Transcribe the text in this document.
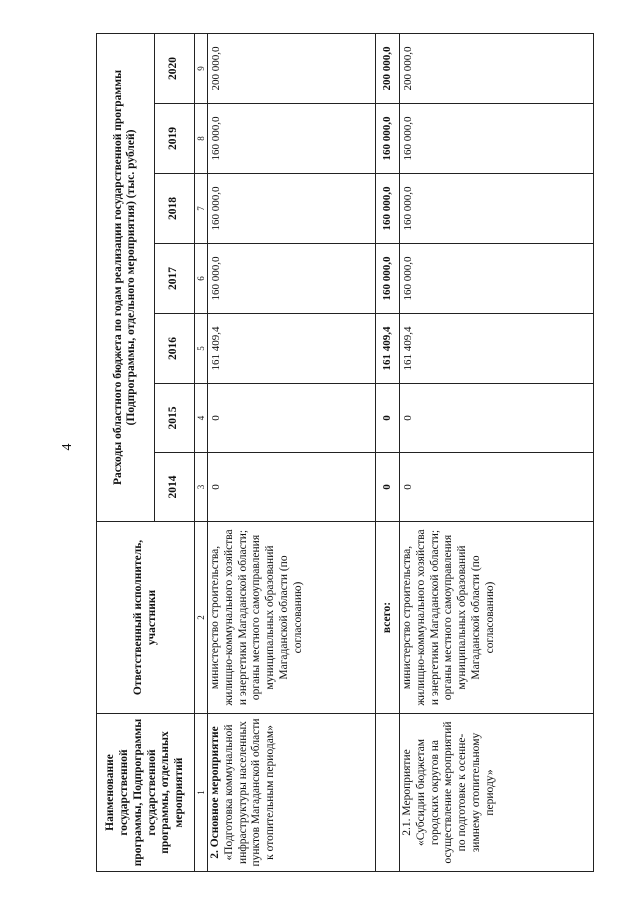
4
Наименование государственной программы, Подпрограммы государственной программы, отдельных мероприятий	Ответственный исполнитель, участники	Расходы областного бюджета по годам реализации государственной программы (Подпрограммы, отдельного мероприятия) (тыс. рублей)						
		2014	2015	2016	2017	2018	2019	2020
1	2	3	4	5	6	7	8	9

2. Основное мероприятие «Подготовка коммунальной инфраструктуры населенных пунктов Магаданской области к отопительным периодам»	министерство строительства, жилищно-коммунального хозяйства и энергетики Магаданской области; органы местного самоуправления муниципальных образований Магаданской области (по согласованию)	0	0	161 409,4	160 000,0	160 000,0	160 000,0	200 000,0
	всего:	0	0	161 409,4	160 000,0	160 000,0	160 000,0	200 000,0

2.1. Мероприятие «Субсидии бюджетам городских округов на осуществление мероприятий по подготовке к осенне-зимнему отопительному периоду»	министерство строительства, жилищно-коммунального хозяйства и энергетики Магаданской области; органы местного самоуправления муниципальных образований Магаданской области (по согласованию)	0	0	161 409,4	160 000,0	160 000,0	160 000,0	200 000,0
